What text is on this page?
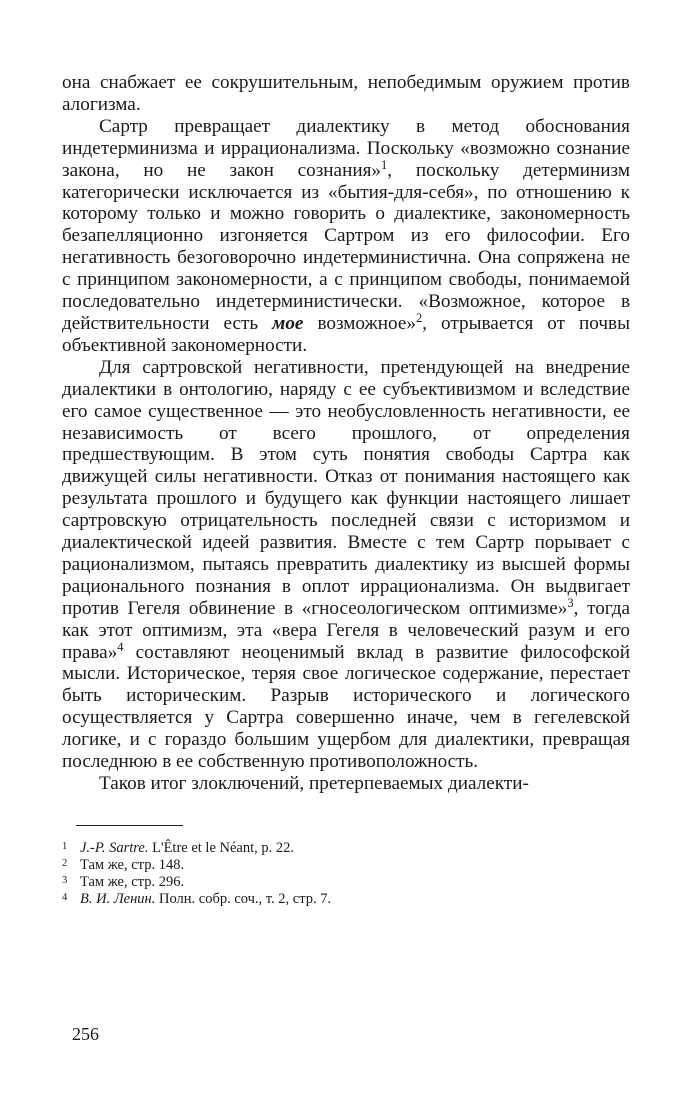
она снабжает ее сокрушительным, непобедимым оружием против алогизма.

Сартр превращает диалектику в метод обоснования индетерминизма и иррационализма. Поскольку «возможно сознание закона, но не закон сознания»$^1$, поскольку детерминизм категорически исключается из «бытия-для-себя», по отношению к которому только и можно говорить о диалектике, закономерность безапелляционно изгоняется Сартром из его философии. Его негативность безоговорочно индетерминистична. Она сопряжена не с принципом закономерности, а с принципом свободы, понимаемой последовательно индетерминистически. «Возможное, которое в действительности есть мое возможное»$^2$, отрывается от почвы объективной закономерности.

Для сартровской негативности, претендующей на внедрение диалектики в онтологию, наряду с ее субъективизмом и вследствие его самое существенное — это необусловленность негативности, ее независимость от всего прошлого, от определения предшествующим. В этом суть понятия свободы Сартра как движущей силы негативности. Отказ от понимания настоящего как результата прошлого и будущего как функции настоящего лишает сартровскую отрицательность последней связи с историзмом и диалектической идеей развития. Вместе с тем Сартр порывает с рационализмом, пытаясь превратить диалектику из высшей формы рационального познания в оплот иррационализма. Он выдвигает против Гегеля обвинение в «гносеологическом оптимизме»$^3$, тогда как этот оптимизм, эта «вера Гегеля в человеческий разум и его права»$^4$ составляют неоценимый вклад в развитие философской мысли. Историческое, теряя свое логическое содержание, перестает быть историческим. Разрыв исторического и логического осуществляется у Сартра совершенно иначе, чем в гегелевской логике, и с гораздо большим ущербом для диалектики, превращая последнюю в ее собственную противоположность.

Таков итог злоключений, претерпеваемых диалекти-

1 J.-P. Sartre. L'Être et le Néant, p. 22.

2 Там же, стр. 148.

3 Там же, стр. 296.

4 В. И. Ленин. Полн. собр. соч., т. 2, стр. 7.

256
